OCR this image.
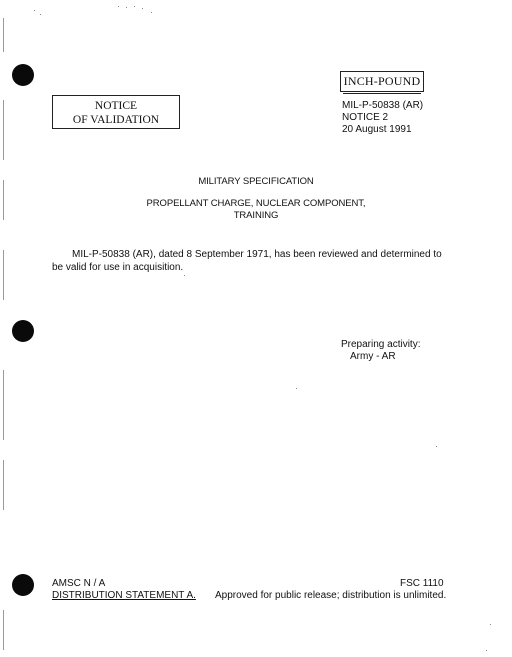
INCH-POUND
NOTICE
OF VALIDATION
MIL-P-50838 (AR)
NOTICE 2
20 August 1991
MILITARY SPECIFICATION
PROPELLANT CHARGE, NUCLEAR COMPONENT,
TRAINING
MIL-P-50838 (AR), dated 8 September 1971, has been reviewed and determined to
be valid for use in acquisition.
Preparing activity:
Army - AR
AMSC N / A	FSC 1110
DISTRIBUTION STATEMENT A. Approved for public release; distribution is unlimited.
